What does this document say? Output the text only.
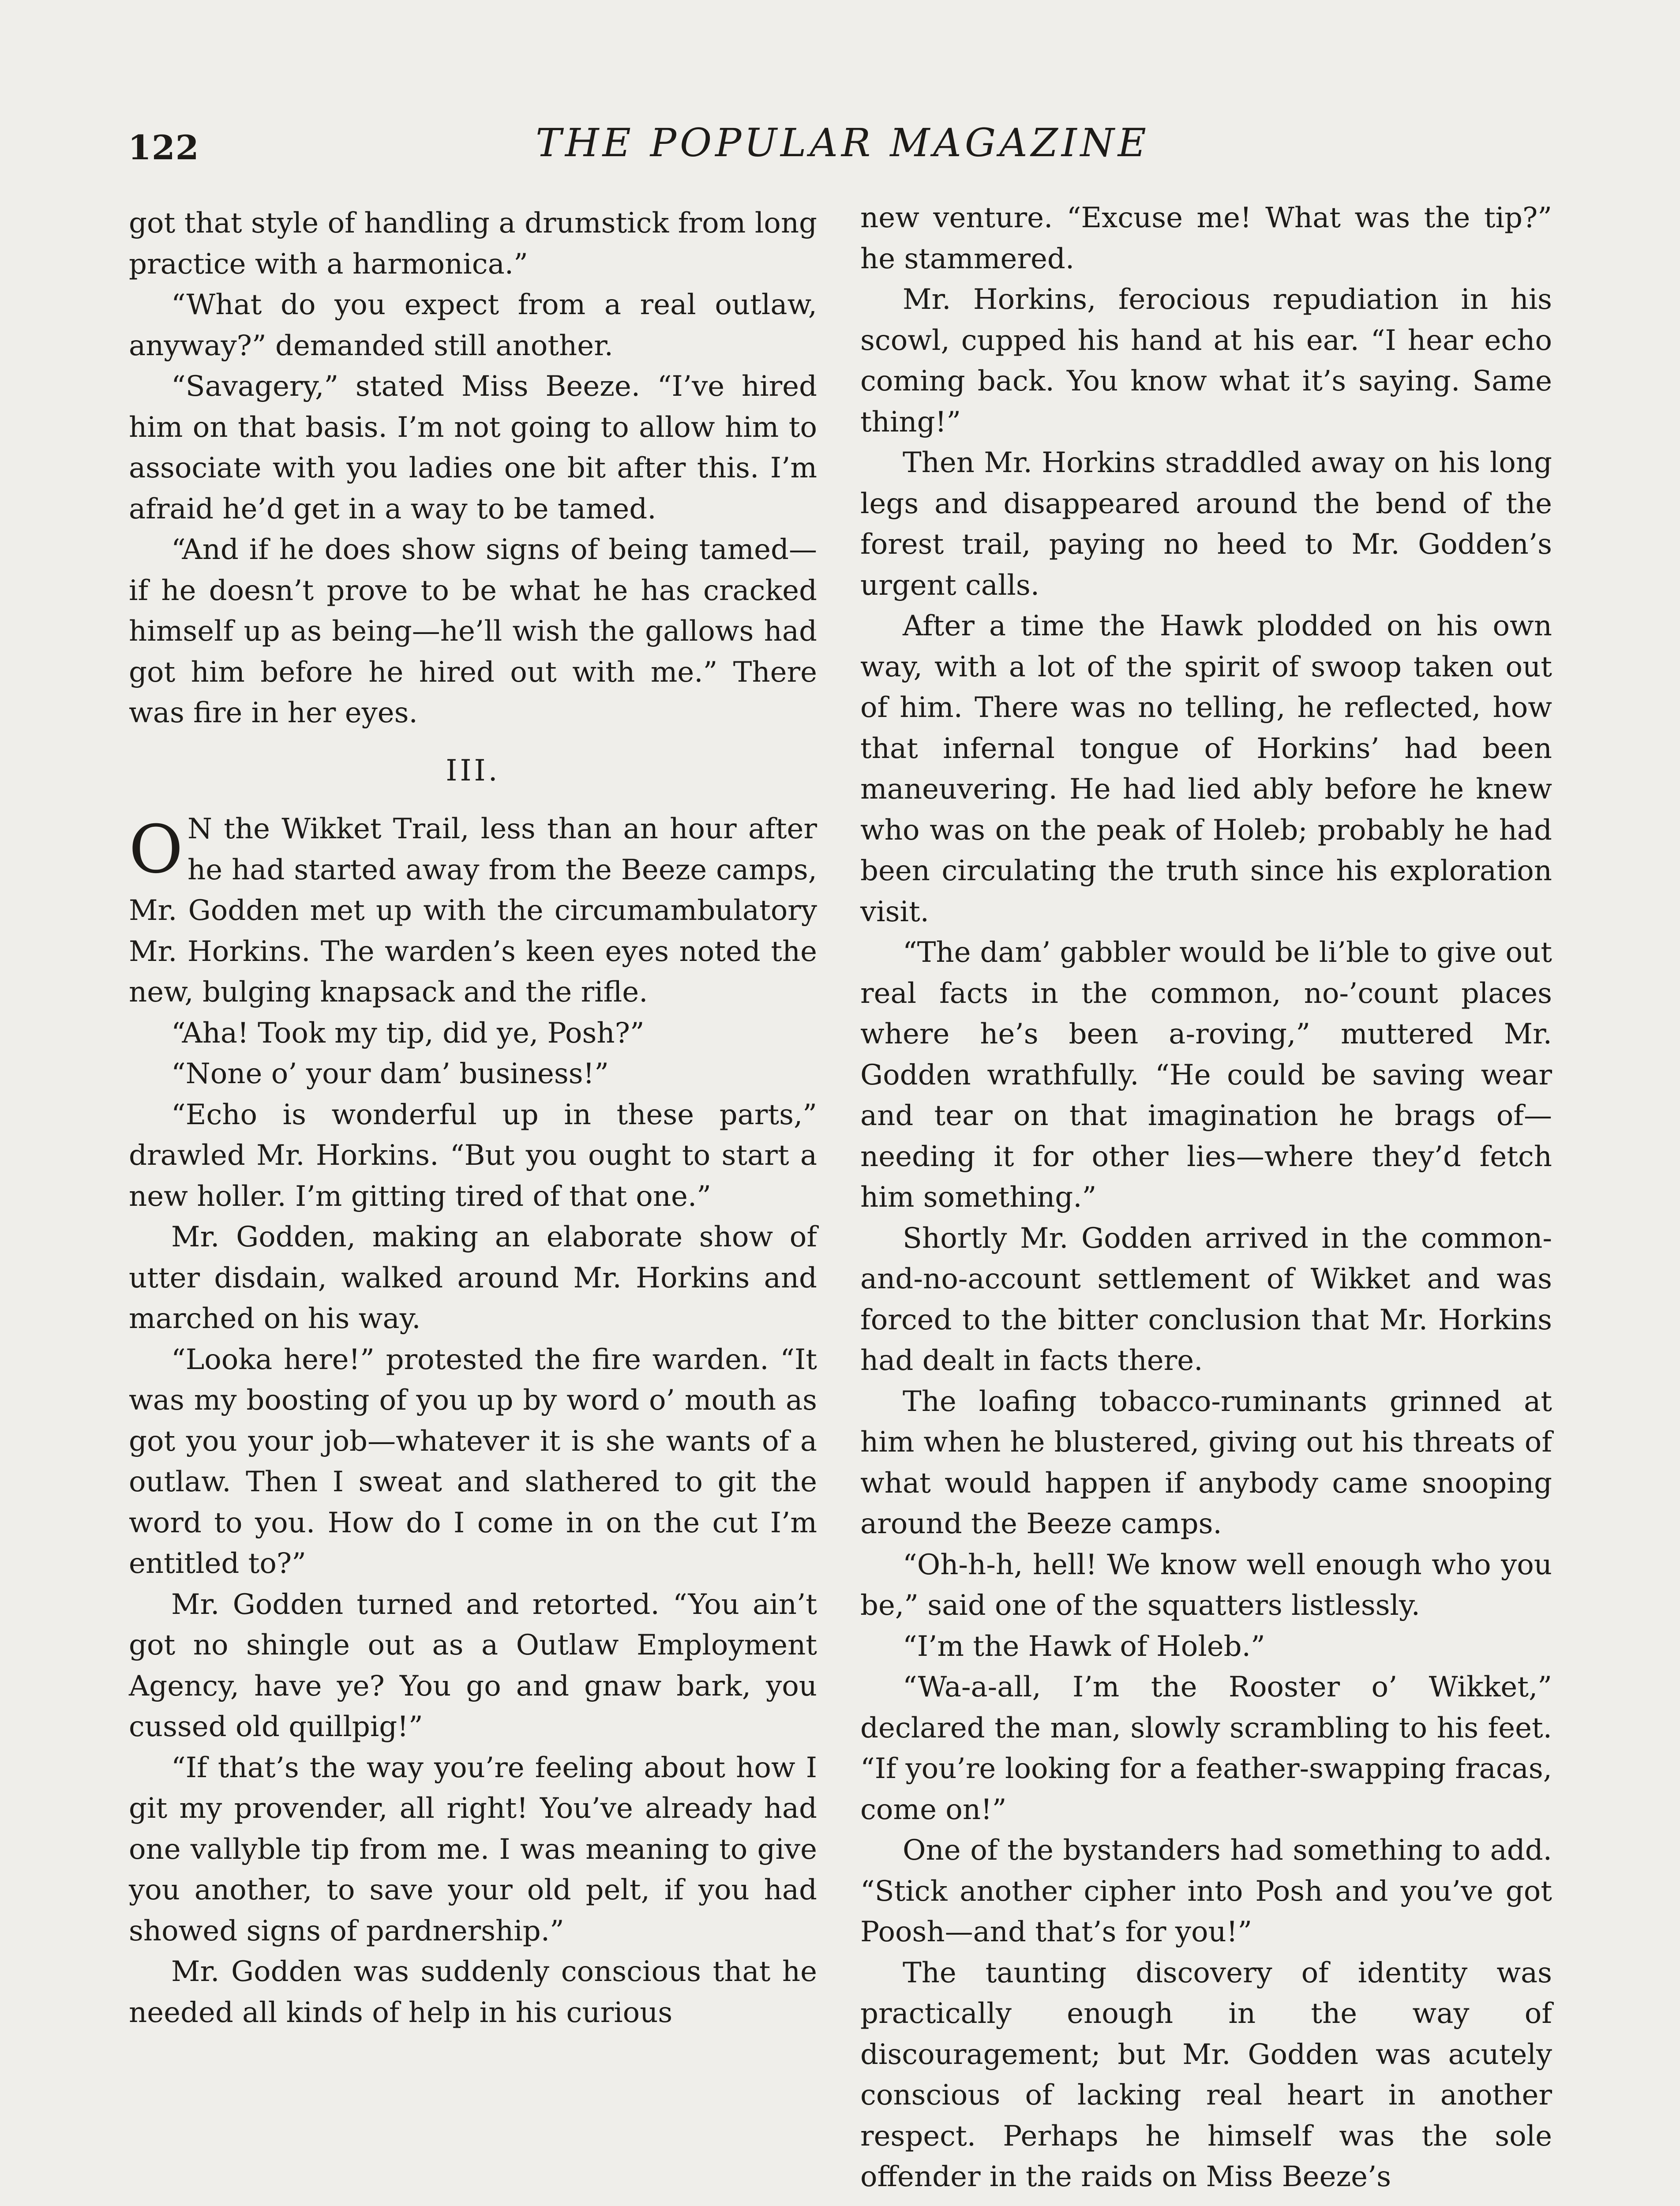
122	THE POPULAR MAGAZINE

got that style of handling a drumstick from long practice with a harmonica.”

“What do you expect from a real outlaw, anyway?” demanded still another.

“Savagery,” stated Miss Beeze. “I’ve hired him on that basis. I’m not going to allow him to associate with you ladies one bit after this. I’m afraid he’d get in a way to be tamed.

“And if he does show signs of being tamed—if he doesn’t prove to be what he has cracked himself up as being—he’ll wish the gallows had got him before he hired out with me.” There was fire in her eyes.

III.

O N the Wikket Trail, less than an hour after he had started away from the Beeze camps, Mr. Godden met up with the circumambulatory Mr. Horkins. The warden’s keen eyes noted the new, bulging knapsack and the rifle.

“Aha! Took my tip, did ye, Posh?”

“None o’ your dam’ business!”

“Echo is wonderful up in these parts,” drawled Mr. Horkins. “But you ought to start a new holler. I’m gitting tired of that one.”

Mr. Godden, making an elaborate show of utter disdain, walked around Mr. Horkins and marched on his way.

“Looka here!” protested the fire warden. “It was my boosting of you up by word o’ mouth as got you your job—whatever it is she wants of a outlaw. Then I sweat and slathered to git the word to you. How do I come in on the cut I’m entitled to?”

Mr. Godden turned and retorted. “You ain’t got no shingle out as a Outlaw Employment Agency, have ye? You go and gnaw bark, you cussed old quillpig!”

“If that’s the way you’re feeling about how I git my provender, all right! You’ve already had one vallyble tip from me. I was meaning to give you another, to save your old pelt, if you had showed signs of pardnership.”

Mr. Godden was suddenly conscious that he needed all kinds of help in his curious

new venture. “Excuse me! What was the tip?” he stammered.

Mr. Horkins, ferocious repudiation in his scowl, cupped his hand at his ear. “I hear echo coming back. You know what it’s saying. Same thing!”

Then Mr. Horkins straddled away on his long legs and disappeared around the bend of the forest trail, paying no heed to Mr. Godden’s urgent calls.

After a time the Hawk plodded on his own way, with a lot of the spirit of swoop taken out of him. There was no telling, he reflected, how that infernal tongue of Horkins’ had been maneuvering. He had lied ably before he knew who was on the peak of Holeb; probably he had been circulating the truth since his exploration visit.

“The dam’ gabbler would be li’ble to give out real facts in the common, no-’count places where he’s been a-roving,” muttered Mr. Godden wrathfully. “He could be saving wear and tear on that imagination he brags of—needing it for other lies—where they’d fetch him something.”

Shortly Mr. Godden arrived in the common-and-no-account settlement of Wikket and was forced to the bitter conclusion that Mr. Horkins had dealt in facts there.

The loafing tobacco-ruminants grinned at him when he blustered, giving out his threats of what would happen if anybody came snooping around the Beeze camps.

“Oh-h-h, hell! We know well enough who you be,” said one of the squatters listlessly.

“I’m the Hawk of Holeb.”

“Wa-a-all, I’m the Rooster o’ Wikket,” declared the man, slowly scrambling to his feet. “If you’re looking for a feather-swapping fracas, come on!”

One of the bystanders had something to add. “Stick another cipher into Posh and you’ve got Poosh—and that’s for you!”

The taunting discovery of identity was practically enough in the way of discouragement; but Mr. Godden was acutely conscious of lacking real heart in another respect. Perhaps he himself was the sole offender in the raids on Miss Beeze’s
